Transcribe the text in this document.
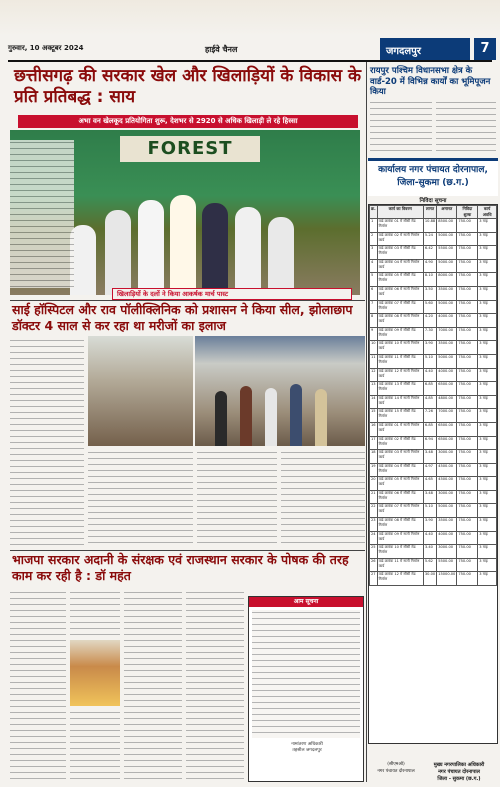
गुरुवार, 10 अक्टूबर 2024	हाईवे चैनल	जगदलपुर	7
छत्तीसगढ़ की सरकार खेल और खिलाड़ियों के विकास के प्रति प्रतिबद्ध : साय
अभा वन खेलकूद प्रतियोगिता शुरू, देशभर से 2920 से अधिक खिलाड़ी ले रहे हिस्सा
FOREST
खिलाड़ियों के दलों ने किया आकर्षक मार्च पास्ट
साई हॉस्पिटल और राव पॉलीक्लिनिक को प्रशासन ने किया सील, झोलाछाप डॉक्टर 4 साल से कर रहा था मरीजों का इलाज
भाजपा सरकार अदानी के संरक्षक एवं राजस्थान सरकार के पोषक की तरह काम कर रही है : डॉ महंत
आम सूचना
नामांतरण अधिकारी
तहसील जगदलपुर
रायपुर पश्चिम विधानसभा क्षेत्र के वार्ड-20 में विभिन्न कार्यों का भूमिपूजन किया
कार्यालय नगर पंचायत दोरनापाल, जिला-सुकमा (छ.ग.)
निविदा सूचना
क्र.	कार्य का विवरण	लागत	अमानत	निविदा शुल्क	कार्य अवधि
1	वार्ड क्रमांक 01 में सीसी रोड निर्माण	10.88	8500.00	750.00	3 माह
2	वार्ड क्रमांक 02 में नाली निर्माण कार्य	5.24	5000.00	750.00	3 माह
3	वार्ड क्रमांक 03 में सीसी रोड निर्माण	6.42	5500.00	750.00	3 माह
4	वार्ड क्रमांक 04 में नाली निर्माण कार्य	4.90	5000.00	750.00	3 माह
5	वार्ड क्रमांक 05 में सीसी रोड निर्माण	8.10	8000.00	750.00	3 माह
6	वार्ड क्रमांक 06 में नाली निर्माण कार्य	3.50	3500.00	750.00	3 माह
7	वार्ड क्रमांक 07 में सीसी रोड निर्माण	5.60	5000.00	750.00	3 माह
8	वार्ड क्रमांक 08 में नाली निर्माण कार्य	4.20	4000.00	750.00	3 माह
9	वार्ड क्रमांक 09 में सीसी रोड निर्माण	7.30	7000.00	750.00	3 माह
10	वार्ड क्रमांक 10 में नाली निर्माण कार्य	3.90	3500.00	750.00	3 माह
11	वार्ड क्रमांक 11 में सीसी रोड निर्माण	5.10	5000.00	750.00	3 माह
12	वार्ड क्रमांक 12 में नाली निर्माण कार्य	4.40	4000.00	750.00	3 माह
13	वार्ड क्रमांक 13 में सीसी रोड निर्माण	6.85	6500.00	750.00	3 माह
14	वार्ड क्रमांक 14 में नाली निर्माण कार्य	4.85	4800.00	750.00	3 माह
15	वार्ड क्रमांक 15 में सीसी रोड निर्माण	7.26	7000.00	750.00	3 माह
16	वार्ड क्रमांक 01 में नाली निर्माण कार्य	6.85	6500.00	750.00	3 माह
17	वार्ड क्रमांक 02 में सीसी रोड निर्माण	6.94	6500.00	750.00	3 माह
18	वार्ड क्रमांक 03 में नाली निर्माण कार्य	3.48	3000.00	750.00	3 माह
19	वार्ड क्रमांक 04 में सीसी रोड निर्माण	4.97	4500.00	750.00	3 माह
20	वार्ड क्रमांक 05 में नाली निर्माण कार्य	4.65	4500.00	750.00	3 माह
21	वार्ड क्रमांक 06 में सीसी रोड निर्माण	3.48	3000.00	750.00	3 माह
22	वार्ड क्रमांक 07 में नाली निर्माण कार्य	5.10	5000.00	750.00	3 माह
23	वार्ड क्रमांक 08 में सीसी रोड निर्माण	3.90	3500.00	750.00	3 माह
24	वार्ड क्रमांक 09 में नाली निर्माण कार्य	4.40	4000.00	750.00	3 माह
25	वार्ड क्रमांक 10 में सीसी रोड निर्माण	3.40	3000.00	750.00	3 माह
26	वार्ड क्रमांक 11 में नाली निर्माण कार्य	5.62	5500.00	750.00	3 माह
27	वार्ड क्रमांक 12 में सीसी रोड निर्माण	30.00	15000.00	750.00	3 माह
(सीएमओ)
नगर पंचायत दोरनापाल
मुख्य नगरपालिका अधिकारी
नगर पंचायत दोरनापाल
जिला - सुकमा (छ.ग.)
